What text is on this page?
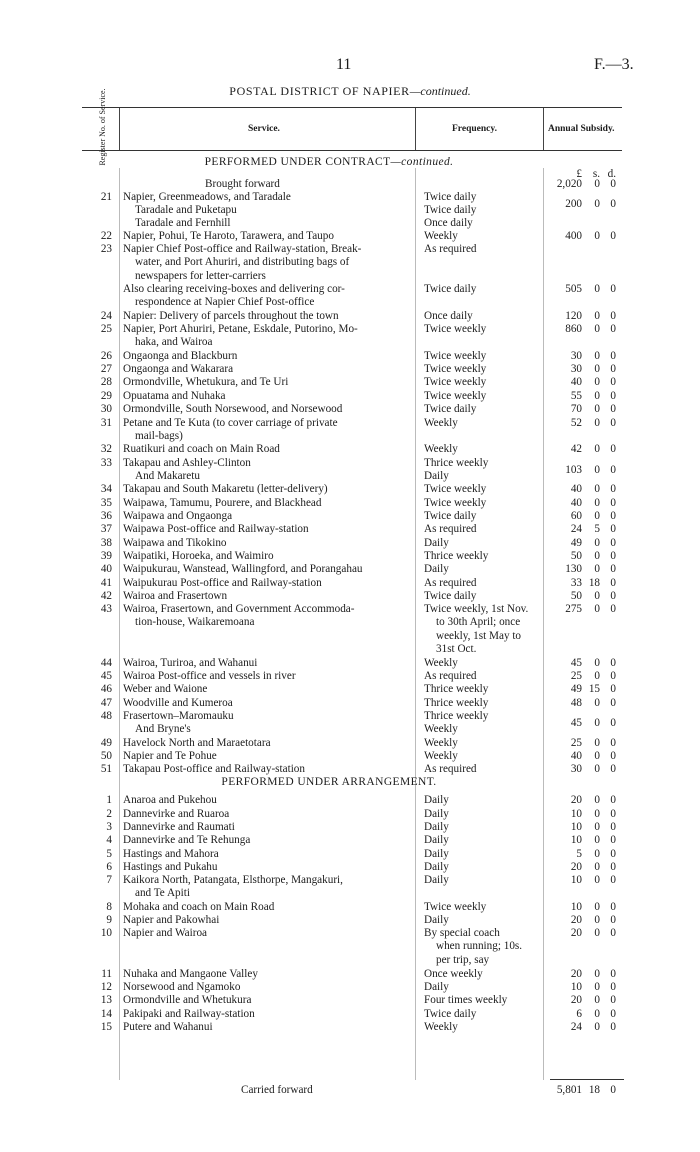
11	F.—3.
POSTAL DISTRICT OF NAPIER—continued.
Register No. of Service.	Service.	Frequency.	Annual Subsidy.
PERFORMED UNDER CONTRACT—continued.
£ s. d.
Brought forward	2,020	0 0
21 Napier, Greenmeadows, and Taradale	Twice daily
Taradale and Puketapu	Twice daily	200	0 0
Taradale and Fernhill	Once daily
22 Napier, Pohui, Te Haroto, Tarawera, and Taupo	Weekly	400	0 0
23 Napier Chief Post-office and Railway-station, Break-
water, and Port Ahuriri, and distributing bags of
newspapers for letter-carriers
As required
Also clearing receiving-boxes and delivering cor-
respondence at Napier Chief Post-office
Twice daily	505	0 0
24 Napier: Delivery of parcels throughout the town	Once daily	120	0 0
25 Napier, Port Ahuriri, Petane, Eskdale, Putorino, Mo-
haka, and Wairoa
Twice weekly	860	0 0
26 Ongaonga and Blackburn	Twice weekly	30	0 0
27 Ongaonga and Wakarara	Twice weekly	30	0 0
28 Ormondville, Whetukura, and Te Uri	Twice weekly	40	0 0
29 Opuatama and Nuhaka	Twice weekly	55	0 0
30 Ormondville, South Norsewood, and Norsewood	Twice daily	70	0 0
31 Petane and Te Kuta (to cover carriage of private
mail-bags)
Weekly	52	0 0
32 Ruatikuri and coach on Main Road	Weekly	42	0 0
33 Takapau and Ashley-Clinton	Thrice weekly
And Makaretu	Daily	103	0 0
34 Takapau and South Makaretu (letter-delivery)	Twice weekly	40	0 0
35 Waipawa, Tamumu, Pourere, and Blackhead	Twice weekly	40	0 0
36 Waipawa and Ongaonga	Twice daily	60	0 0
37 Waipawa Post-office and Railway-station	As required	24	5 0
38 Waipawa and Tikokino	Daily	49	0 0
39 Waipatiki, Horoeka, and Waimiro	Thrice weekly	50	0 0
40 Waipukurau, Wanstead, Wallingford, and Porangahau	Daily	130	0 0
41 Waipukurau Post-office and Railway-station	As required	33 18 0
42 Wairoa and Frasertown	Twice daily	50	0 0
43 Wairoa, Frasertown, and Government Accommoda-
tion-house, Waikaremoana
Twice weekly, 1st Nov.
to 30th April; once
weekly, 1st May to
31st Oct.
275	0 0
44 Wairoa, Turiroa, and Wahanui	Weekly	45	0 0
45 Wairoa Post-office and vessels in river	As required	25	0 0
46 Weber and Waione	Thrice weekly	49 15 0
47 Woodville and Kumeroa	Thrice weekly	48	0 0
48 Frasertown–Maromauku	Thrice weekly
And Bryne's	Weekly	45	0 0
49 Havelock North and Maraetotara	Weekly	25	0 0
50 Napier and Te Pohue	Weekly	40	0 0
51 Takapau Post-office and Railway-station	As required	30	0 0
PERFORMED UNDER ARRANGEMENT.
1 Anaroa and Pukehou	Daily	20	0 0
2 Dannevirke and Ruaroa	Daily	10	0 0
3 Dannevirke and Raumati	Daily	10	0 0
4 Dannevirke and Te Rehunga	Daily	10	0 0
5 Hastings and Mahora	Daily	5	0 0
6 Hastings and Pukahu	Daily	20	0 0
7 Kaikora North, Patangata, Elsthorpe, Mangakuri,
and Te Apiti
Daily	10	0 0
8 Mohaka and coach on Main Road	Twice weekly	10	0 0
9 Napier and Pakowhai	Daily	20	0 0
10 Napier and Wairoa	By special coach
when running; 10s.
per trip, say
20	0 0
11 Nuhaka and Mangaone Valley	Once weekly	20	0 0
12 Norsewood and Ngamoko	Daily	10	0 0
13 Ormondville and Whetukura	Four times weekly	20	0 0
14 Pakipaki and Railway-station	Twice daily	6	0 0
15 Putere and Wahanui	Weekly	24	0 0
Carried forward	5,801 18 0
